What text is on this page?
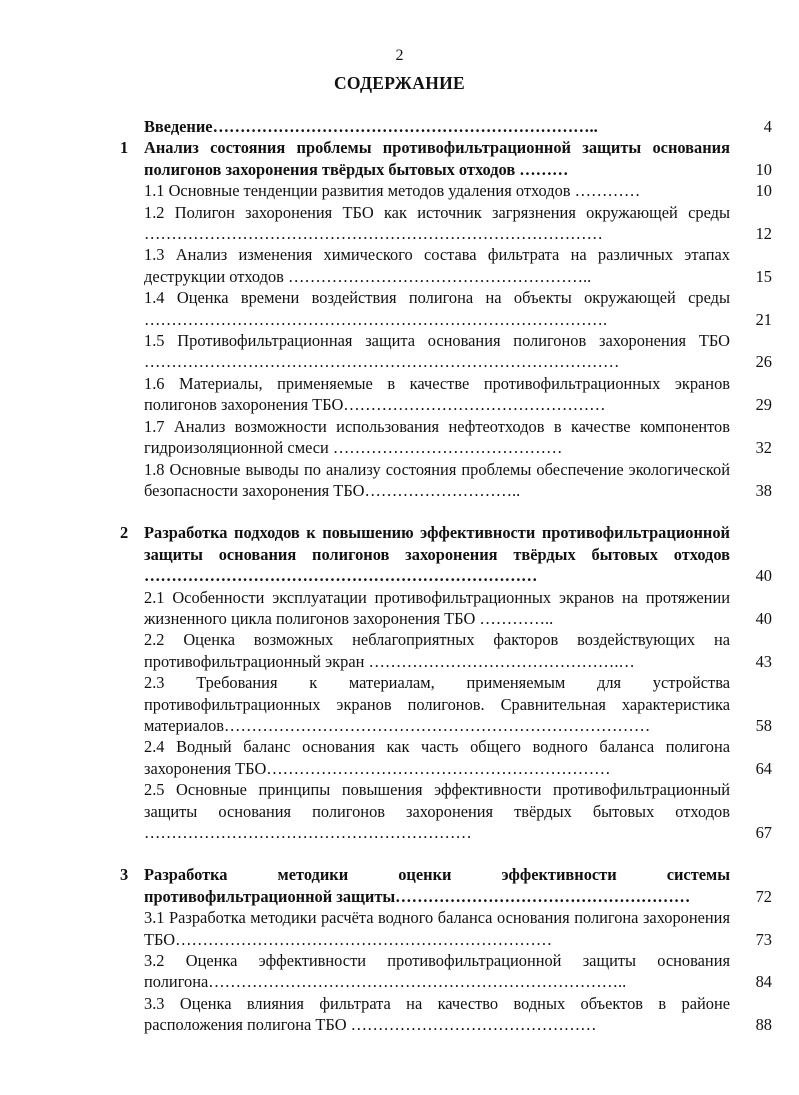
2
СОДЕРЖАНИЕ
Введение……………………………………………………………..	4
1 Анализ состояния проблемы противофильтрационной защиты основания полигонов захоронения твёрдых бытовых отходов ………	10
1.1 Основные тенденции развития методов удаления отходов …………	10
1.2 Полигон захоронения ТБО как источник загрязнения окружающей среды …………………………………………………………………………	12
1.3 Анализ изменения химического состава фильтрата на различных этапах деструкции отходов ………………………………………………..	15
1.4 Оценка времени воздействия полигона на объекты окружающей среды ………………………………………………………………………….	21
1.5 Противофильтрационная защита основания полигонов захоронения ТБО ……………………………………………………………………………	26
1.6 Материалы, применяемые в качестве противофильтрационных экранов полигонов захоронения ТБО…………………………………………	29
1.7 Анализ возможности использования нефтеотходов в качестве компонентов гидроизоляционной смеси ……………………………………	32
1.8 Основные выводы по анализу состояния проблемы обеспечение экологической безопасности захоронения ТБО………………………..	38
2 Разработка подходов к повышению эффективности противофильтрационной защиты основания полигонов захоронения твёрдых бытовых отходов ………………………………………………………………	40
2.1 Особенности эксплуатации противофильтрационных экранов на протяжении жизненного цикла полигонов захоронения ТБО …………..	40
2.2 Оценка возможных неблагоприятных факторов воздействующих на противофильтрационный экран ……………………………………….…	43
2.3 Требования к материалам, применяемым для устройства противофильтрационных экранов полигонов. Сравнительная характеристика материалов……………………………………………………………………	58
2.4 Водный баланс основания как часть общего водного баланса полигона захоронения ТБО………………………………………………………	64
2.5 Основные принципы повышения эффективности противофильтрационный защиты основания полигонов захоронения твёрдых бытовых отходов ……………………………………………………	67
3 Разработка методики оценки эффективности системы противофильтрационной защиты………………………………………………	72
3.1 Разработка методики расчёта водного баланса основания полигона захоронения ТБО……………………………………………………………	73
3.2 Оценка эффективности противофильтрационной защиты основания полигона…………………………………………………………………..	84
3.3 Оценка влияния фильтрата на качество водных объектов в районе расположения полигона ТБО ………………………………………	88
